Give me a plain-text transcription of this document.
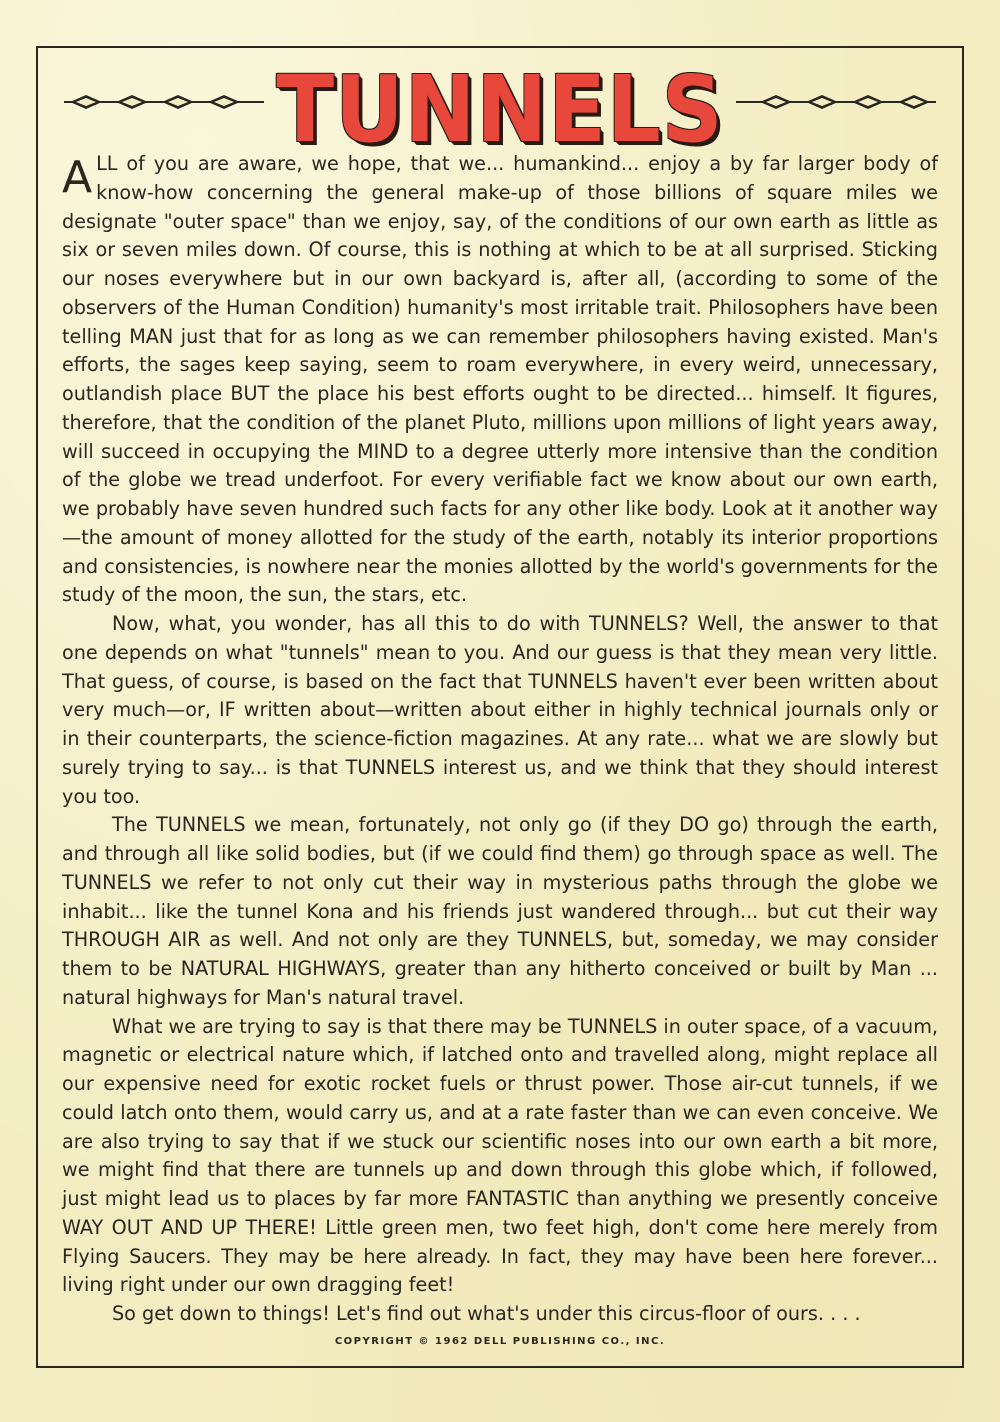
TUNNELS

ALL of you are aware, we hope, that we... humankind... enjoy a by far larger body of know-how concerning the general make-up of those billions of square miles we designate "outer space" than we enjoy, say, of the conditions of our own earth as little as six or seven miles down. Of course, this is nothing at which to be at all surprised. Sticking our noses everywhere but in our own backyard is, after all, (according to some of the observers of the Human Condition) humanity's most irritable trait. Philosophers have been telling MAN just that for as long as we can remember philosophers having existed. Man's efforts, the sages keep saying, seem to roam everywhere, in every weird, unnecessary, outlandish place BUT the place his best efforts ought to be directed... himself. It figures, therefore, that the condition of the planet Pluto, millions upon millions of light years away, will succeed in occupying the MIND to a degree utterly more intensive than the condition of the globe we tread underfoot. For every verifiable fact we know about our own earth, we probably have seven hundred such facts for any other like body. Look at it another way—the amount of money allotted for the study of the earth, notably its interior proportions and consistencies, is nowhere near the monies allotted by the world's governments for the study of the moon, the sun, the stars, etc.

Now, what, you wonder, has all this to do with TUNNELS? Well, the answer to that one depends on what "tunnels" mean to you. And our guess is that they mean very little. That guess, of course, is based on the fact that TUNNELS haven't ever been written about very much—or, IF written about—written about either in highly technical journals only or in their counterparts, the science-fiction magazines. At any rate... what we are slowly but surely trying to say... is that TUNNELS interest us, and we think that they should interest you too.

The TUNNELS we mean, fortunately, not only go (if they DO go) through the earth, and through all like solid bodies, but (if we could find them) go through space as well. The TUNNELS we refer to not only cut their way in mysterious paths through the globe we inhabit... like the tunnel Kona and his friends just wandered through... but cut their way THROUGH AIR as well. And not only are they TUNNELS, but, someday, we may consider them to be NATURAL HIGHWAYS, greater than any hitherto conceived or built by Man ... natural highways for Man's natural travel.

What we are trying to say is that there may be TUNNELS in outer space, of a vacuum, magnetic or electrical nature which, if latched onto and travelled along, might replace all our expensive need for exotic rocket fuels or thrust power. Those air-cut tunnels, if we could latch onto them, would carry us, and at a rate faster than we can even conceive. We are also trying to say that if we stuck our scientific noses into our own earth a bit more, we might find that there are tunnels up and down through this globe which, if followed, just might lead us to places by far more FANTASTIC than anything we presently conceive WAY OUT AND UP THERE! Little green men, two feet high, don't come here merely from Flying Saucers. They may be here already. In fact, they may have been here forever... living right under our own dragging feet!

So get down to things! Let's find out what's under this circus-floor of ours. . . .

COPYRIGHT © 1962 DELL PUBLISHING CO., INC.
